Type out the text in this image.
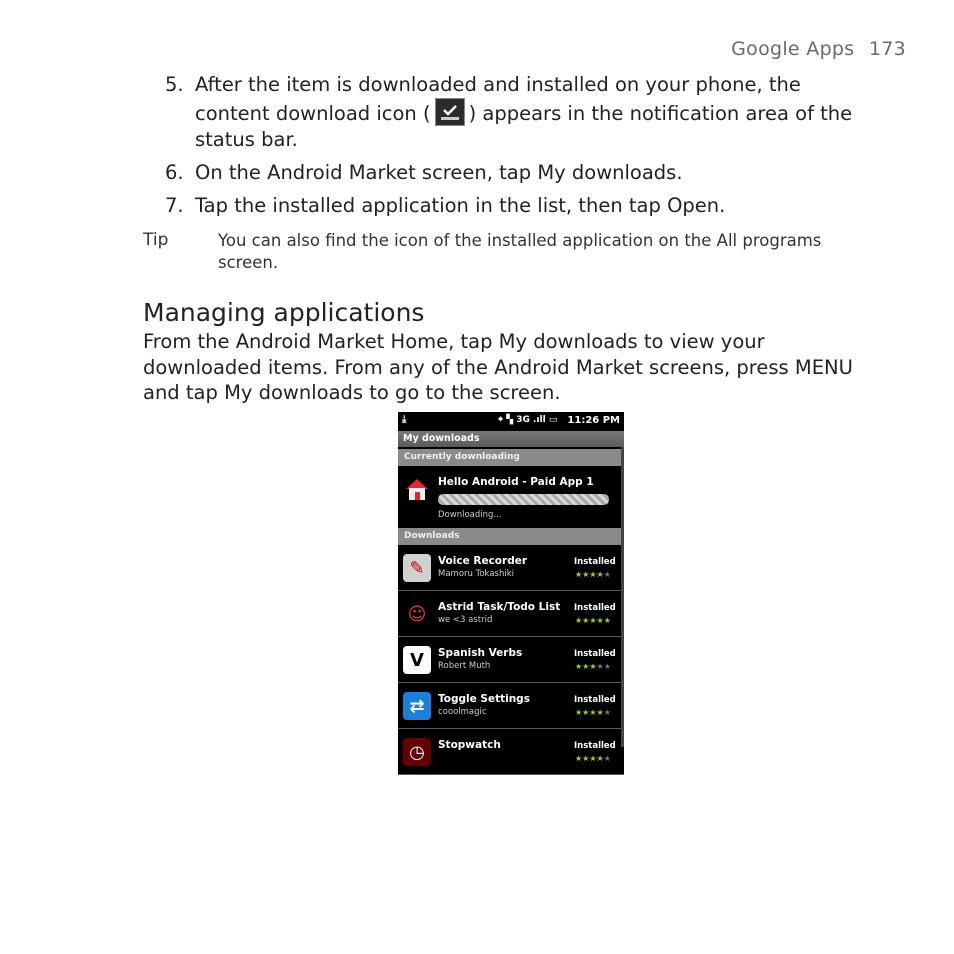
Google Apps 173
5. After the item is downloaded and installed on your phone, the content download icon ( ) appears in the notification area of the status bar.
6. On the Android Market screen, tap My downloads.
7. Tap the installed application in the list, then tap Open.
Tip	You can also find the icon of the installed application on the All programs screen.
Managing applications
From the Android Market Home, tap My downloads to view your downloaded items. From any of the Android Market screens, press MENU and tap My downloads to go to the screen.
⤓	⌖ ▚ 3G .ıll ▭ 11:26 PM
My downloads
Currently downloading
Hello Android - Paid App 1
Downloading...
Downloads
✎	Voice Recorder
Mamoru Tokashiki
Installed
★★★★★
☺	Astrid Task/Todo List
we <3 astrid
Installed
★★★★★
V	Spanish Verbs
Robert Muth
Installed
★★★★★
⇄	Toggle Settings
cooolmagic
Installed
★★★★★
◷	Stopwatch	Installed
★★★★★
